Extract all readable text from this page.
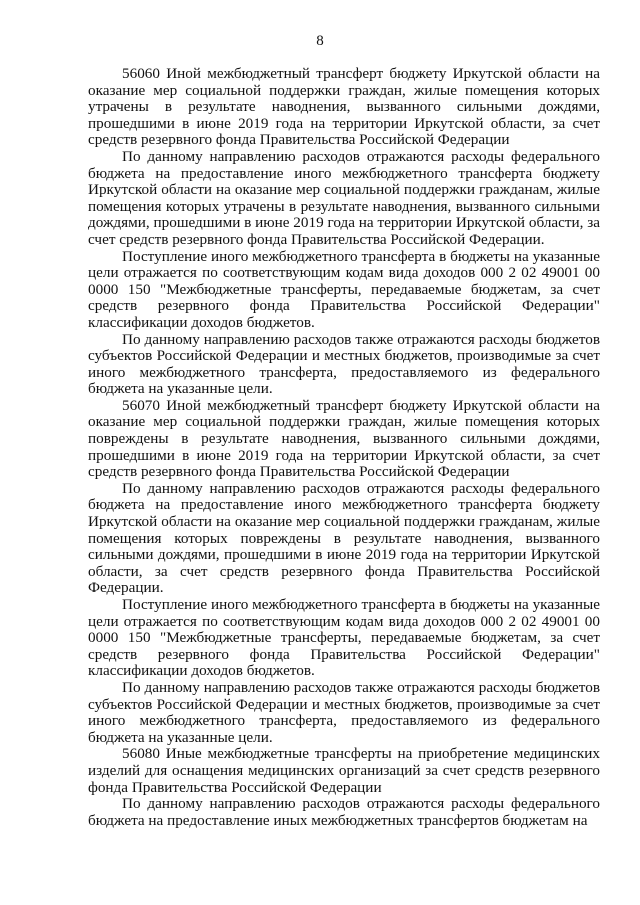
8

56060 Иной межбюджетный трансферт бюджету Иркутской области на оказание мер социальной поддержки граждан, жилые помещения которых утрачены в результате наводнения, вызванного сильными дождями, прошедшими в июне 2019 года на территории Иркутской области, за счет средств резервного фонда Правительства Российской Федерации

По данному направлению расходов отражаются расходы федерального бюджета на предоставление иного межбюджетного трансферта бюджету Иркутской области на оказание мер социальной поддержки гражданам, жилые помещения которых утрачены в результате наводнения, вызванного сильными дождями, прошедшими в июне 2019 года на территории Иркутской области, за счет средств резервного фонда Правительства Российской Федерации.

Поступление иного межбюджетного трансферта в бюджеты на указанные цели отражается по соответствующим кодам вида доходов 000 2 02 49001 00 0000 150 "Межбюджетные трансферты, передаваемые бюджетам, за счет средств резервного фонда Правительства Российской Федерации" классификации доходов бюджетов.

По данному направлению расходов также отражаются расходы бюджетов субъектов Российской Федерации и местных бюджетов, производимые за счет иного межбюджетного трансферта, предоставляемого из федерального бюджета на указанные цели.

56070 Иной межбюджетный трансферт бюджету Иркутской области на оказание мер социальной поддержки граждан, жилые помещения которых повреждены в результате наводнения, вызванного сильными дождями, прошедшими в июне 2019 года на территории Иркутской области, за счет средств резервного фонда Правительства Российской Федерации

По данному направлению расходов отражаются расходы федерального бюджета на предоставление иного межбюджетного трансферта бюджету Иркутской области на оказание мер социальной поддержки гражданам, жилые помещения которых повреждены в результате наводнения, вызванного сильными дождями, прошедшими в июне 2019 года на территории Иркутской области, за счет средств резервного фонда Правительства Российской Федерации.

Поступление иного межбюджетного трансферта в бюджеты на указанные цели отражается по соответствующим кодам вида доходов 000 2 02 49001 00 0000 150 "Межбюджетные трансферты, передаваемые бюджетам, за счет средств резервного фонда Правительства Российской Федерации" классификации доходов бюджетов.

По данному направлению расходов также отражаются расходы бюджетов субъектов Российской Федерации и местных бюджетов, производимые за счет иного межбюджетного трансферта, предоставляемого из федерального бюджета на указанные цели.

56080 Иные межбюджетные трансферты на приобретение медицинских изделий для оснащения медицинских организаций за счет средств резервного фонда Правительства Российской Федерации

По данному направлению расходов отражаются расходы федерального бюджета на предоставление иных межбюджетных трансфертов бюджетам на
